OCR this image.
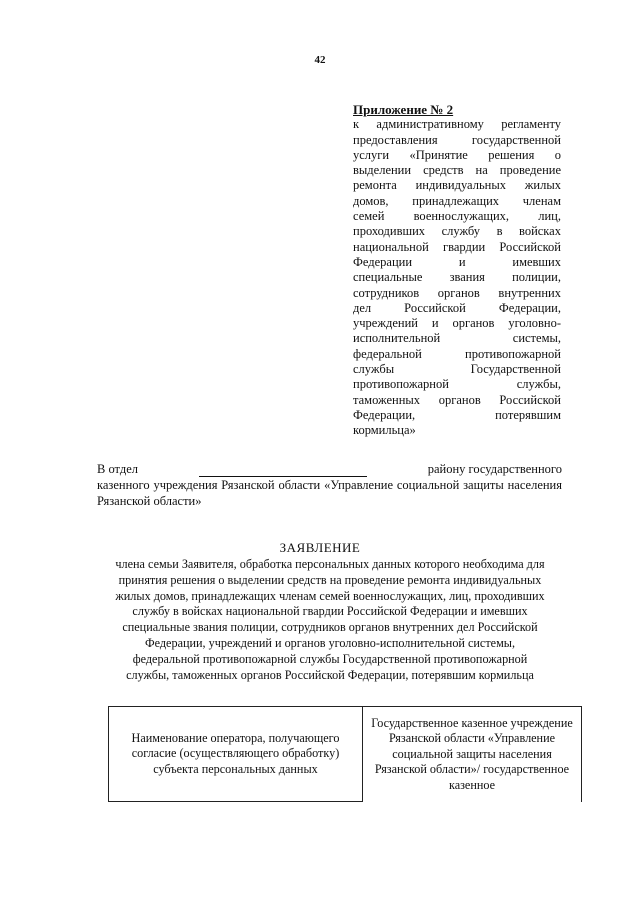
42
Приложение № 2
к административному регламенту
предоставления государственной
услуги «Принятие решения о
выделении средств на проведение
ремонта индивидуальных жилых
домов, принадлежащих членам
семей военнослужащих, лиц,
проходивших службу в войсках
национальной гвардии Российской
Федерации и имевших
специальные звания полиции,
сотрудников органов внутренних
дел Российской Федерации,
учреждений и органов уголовно-
исполнительной системы,
федеральной противопожарной
службы Государственной
противопожарной службы,
таможенных органов Российской
Федерации, потерявшим
кормильца»
В отдел	району государственного
казенного учреждения Рязанской области «Управление социальной защиты населения Рязанской области»
ЗАЯВЛЕНИЕ
члена семьи Заявителя, обработка персональных данных которого необходима для принятия решения о выделении средств на проведение ремонта индивидуальных жилых домов, принадлежащих членам семей военнослужащих, лиц, проходивших службу в войсках национальной гвардии Российской Федерации и имевших специальные звания полиции, сотрудников органов внутренних дел Российской Федерации, учреждений и органов уголовно-исполнительной системы, федеральной противопожарной службы Государственной противопожарной службы, таможенных органов Российской Федерации, потерявшим кормильца
Наименование оператора, получающего согласие (осуществляющего обработку) субъекта персональных данных	Государственное казенное учреждение Рязанской области «Управление социальной защиты населения Рязанской области»/ государственное казенное
